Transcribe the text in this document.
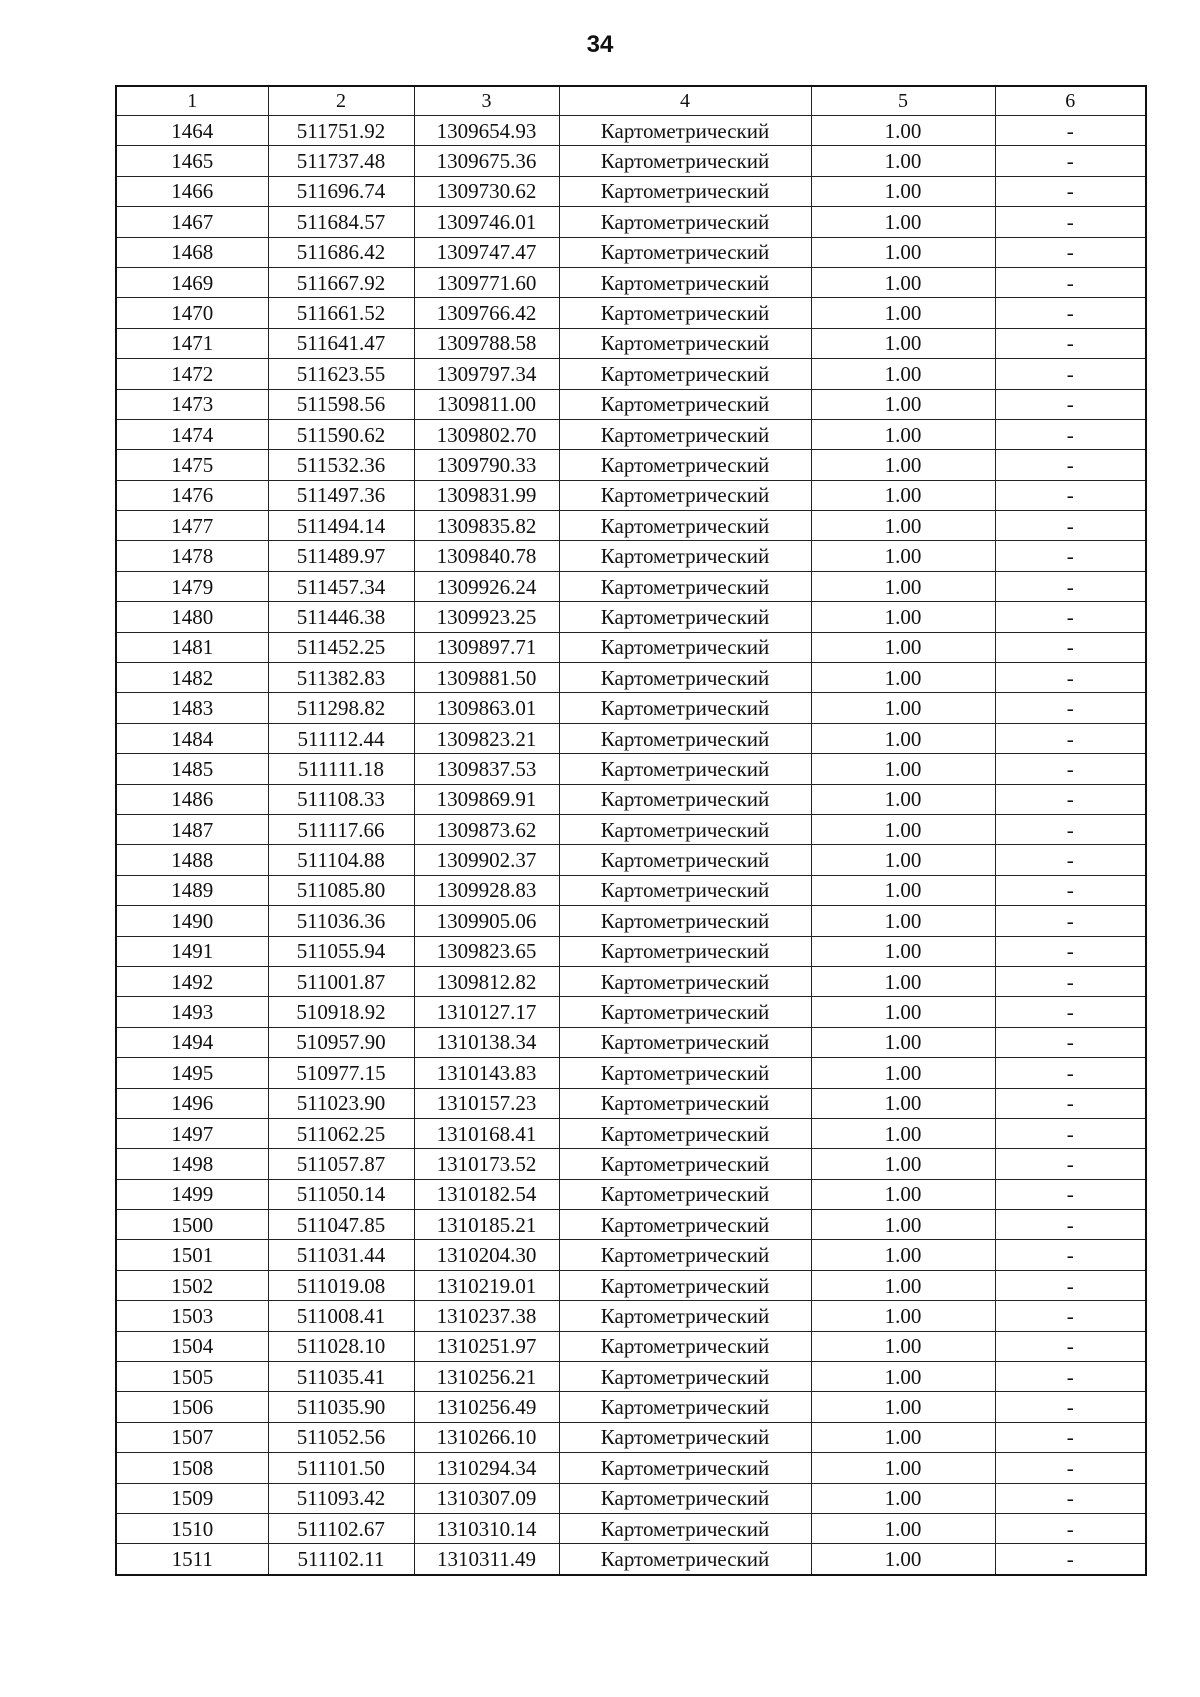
34
1	2	3	4	5	6
1464	511751.92	1309654.93	Картометрический	1.00	-
1465	511737.48	1309675.36	Картометрический	1.00	-
1466	511696.74	1309730.62	Картометрический	1.00	-
1467	511684.57	1309746.01	Картометрический	1.00	-
1468	511686.42	1309747.47	Картометрический	1.00	-
1469	511667.92	1309771.60	Картометрический	1.00	-
1470	511661.52	1309766.42	Картометрический	1.00	-
1471	511641.47	1309788.58	Картометрический	1.00	-
1472	511623.55	1309797.34	Картометрический	1.00	-
1473	511598.56	1309811.00	Картометрический	1.00	-
1474	511590.62	1309802.70	Картометрический	1.00	-
1475	511532.36	1309790.33	Картометрический	1.00	-
1476	511497.36	1309831.99	Картометрический	1.00	-
1477	511494.14	1309835.82	Картометрический	1.00	-
1478	511489.97	1309840.78	Картометрический	1.00	-
1479	511457.34	1309926.24	Картометрический	1.00	-
1480	511446.38	1309923.25	Картометрический	1.00	-
1481	511452.25	1309897.71	Картометрический	1.00	-
1482	511382.83	1309881.50	Картометрический	1.00	-
1483	511298.82	1309863.01	Картометрический	1.00	-
1484	511112.44	1309823.21	Картометрический	1.00	-
1485	511111.18	1309837.53	Картометрический	1.00	-
1486	511108.33	1309869.91	Картометрический	1.00	-
1487	511117.66	1309873.62	Картометрический	1.00	-
1488	511104.88	1309902.37	Картометрический	1.00	-
1489	511085.80	1309928.83	Картометрический	1.00	-
1490	511036.36	1309905.06	Картометрический	1.00	-
1491	511055.94	1309823.65	Картометрический	1.00	-
1492	511001.87	1309812.82	Картометрический	1.00	-
1493	510918.92	1310127.17	Картометрический	1.00	-
1494	510957.90	1310138.34	Картометрический	1.00	-
1495	510977.15	1310143.83	Картометрический	1.00	-
1496	511023.90	1310157.23	Картометрический	1.00	-
1497	511062.25	1310168.41	Картометрический	1.00	-
1498	511057.87	1310173.52	Картометрический	1.00	-
1499	511050.14	1310182.54	Картометрический	1.00	-
1500	511047.85	1310185.21	Картометрический	1.00	-
1501	511031.44	1310204.30	Картометрический	1.00	-
1502	511019.08	1310219.01	Картометрический	1.00	-
1503	511008.41	1310237.38	Картометрический	1.00	-
1504	511028.10	1310251.97	Картометрический	1.00	-
1505	511035.41	1310256.21	Картометрический	1.00	-
1506	511035.90	1310256.49	Картометрический	1.00	-
1507	511052.56	1310266.10	Картометрический	1.00	-
1508	511101.50	1310294.34	Картометрический	1.00	-
1509	511093.42	1310307.09	Картометрический	1.00	-
1510	511102.67	1310310.14	Картометрический	1.00	-
1511	511102.11	1310311.49	Картометрический	1.00	-
